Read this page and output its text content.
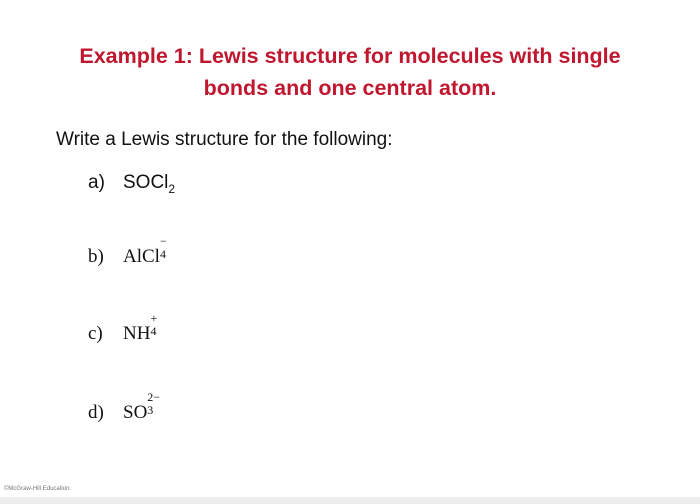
Example 1: Lewis structure for molecules with single
bonds and one central atom.
Write a Lewis structure for the following:
a) SOCl$_2$
b) AlCl
−
4
c) NH
+
4
d) SO
2−
3
©McGraw-Hill Education.
